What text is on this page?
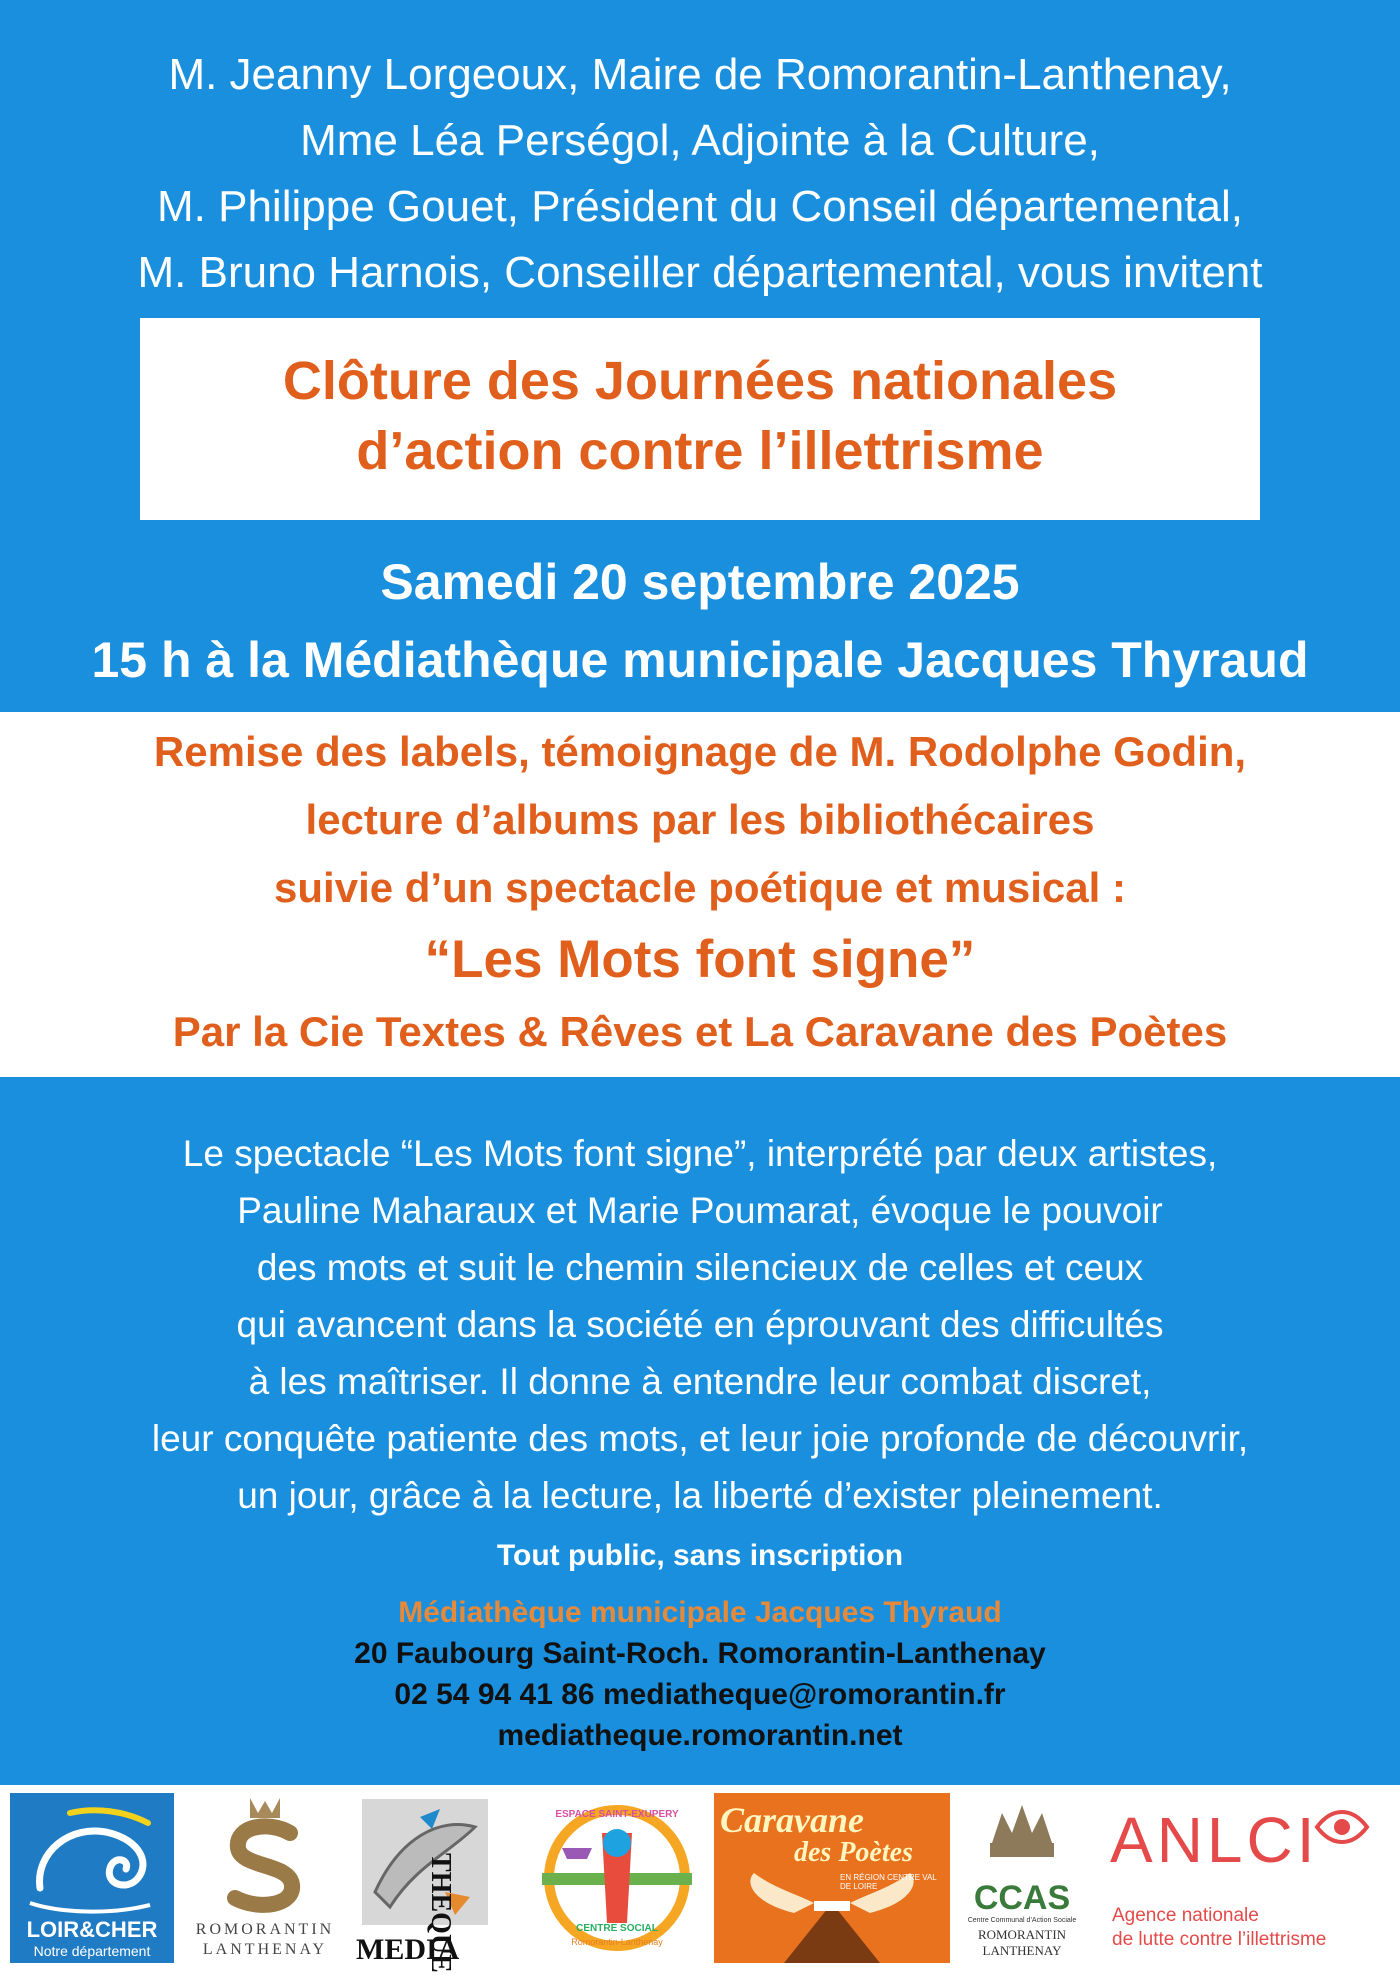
M. Jeanny Lorgeoux, Maire de Romorantin-Lanthenay,
Mme Léa Perségol, Adjointe à la Culture,
M. Philippe Gouet, Président du Conseil départemental,
M. Bruno Harnois, Conseiller départemental, vous invitent
Clôture des Journées nationales
d’action contre l’illettrisme
Samedi 20 septembre 2025
15 h à la Médiathèque municipale Jacques Thyraud
Remise des labels, témoignage de M. Rodolphe Godin,
lecture d’albums par les bibliothécaires
suivie d’un spectacle poétique et musical :
“Les Mots font signe”
Par la Cie Textes & Rêves et La Caravane des Poètes
Le spectacle “Les Mots font signe”, interprété par deux artistes,
Pauline Maharaux et Marie Poumarat, évoque le pouvoir
des mots et suit le chemin silencieux de celles et ceux
qui avancent dans la société en éprouvant des difficultés
à les maîtriser. Il donne à entendre leur combat discret,
leur conquête patiente des mots, et leur joie profonde de découvrir,
un jour, grâce à la lecture, la liberté d’exister pleinement.
Tout public, sans inscription
Médiathèque municipale Jacques Thyraud
20 Faubourg Saint-Roch. Romorantin-Lanthenay
02 54 94 41 86 mediatheque@romorantin.fr
mediatheque.romorantin.net
LOIR&CHER
Notre département
ROMORANTIN
LANTHENAY MEDIA
THEQUE
ESPACE SAINT-EXUPERY
CENTRE SOCIAL
Romorantin-Lanthenay
Caravane
des Poètes
EN RÉGION CENTRE VAL DE LOIRE	CCAS
Centre Communal d’Action Sociale
ROMORANTIN
LANTHENAY
ANLCI
Agence nationale
de lutte contre l’illettrisme
